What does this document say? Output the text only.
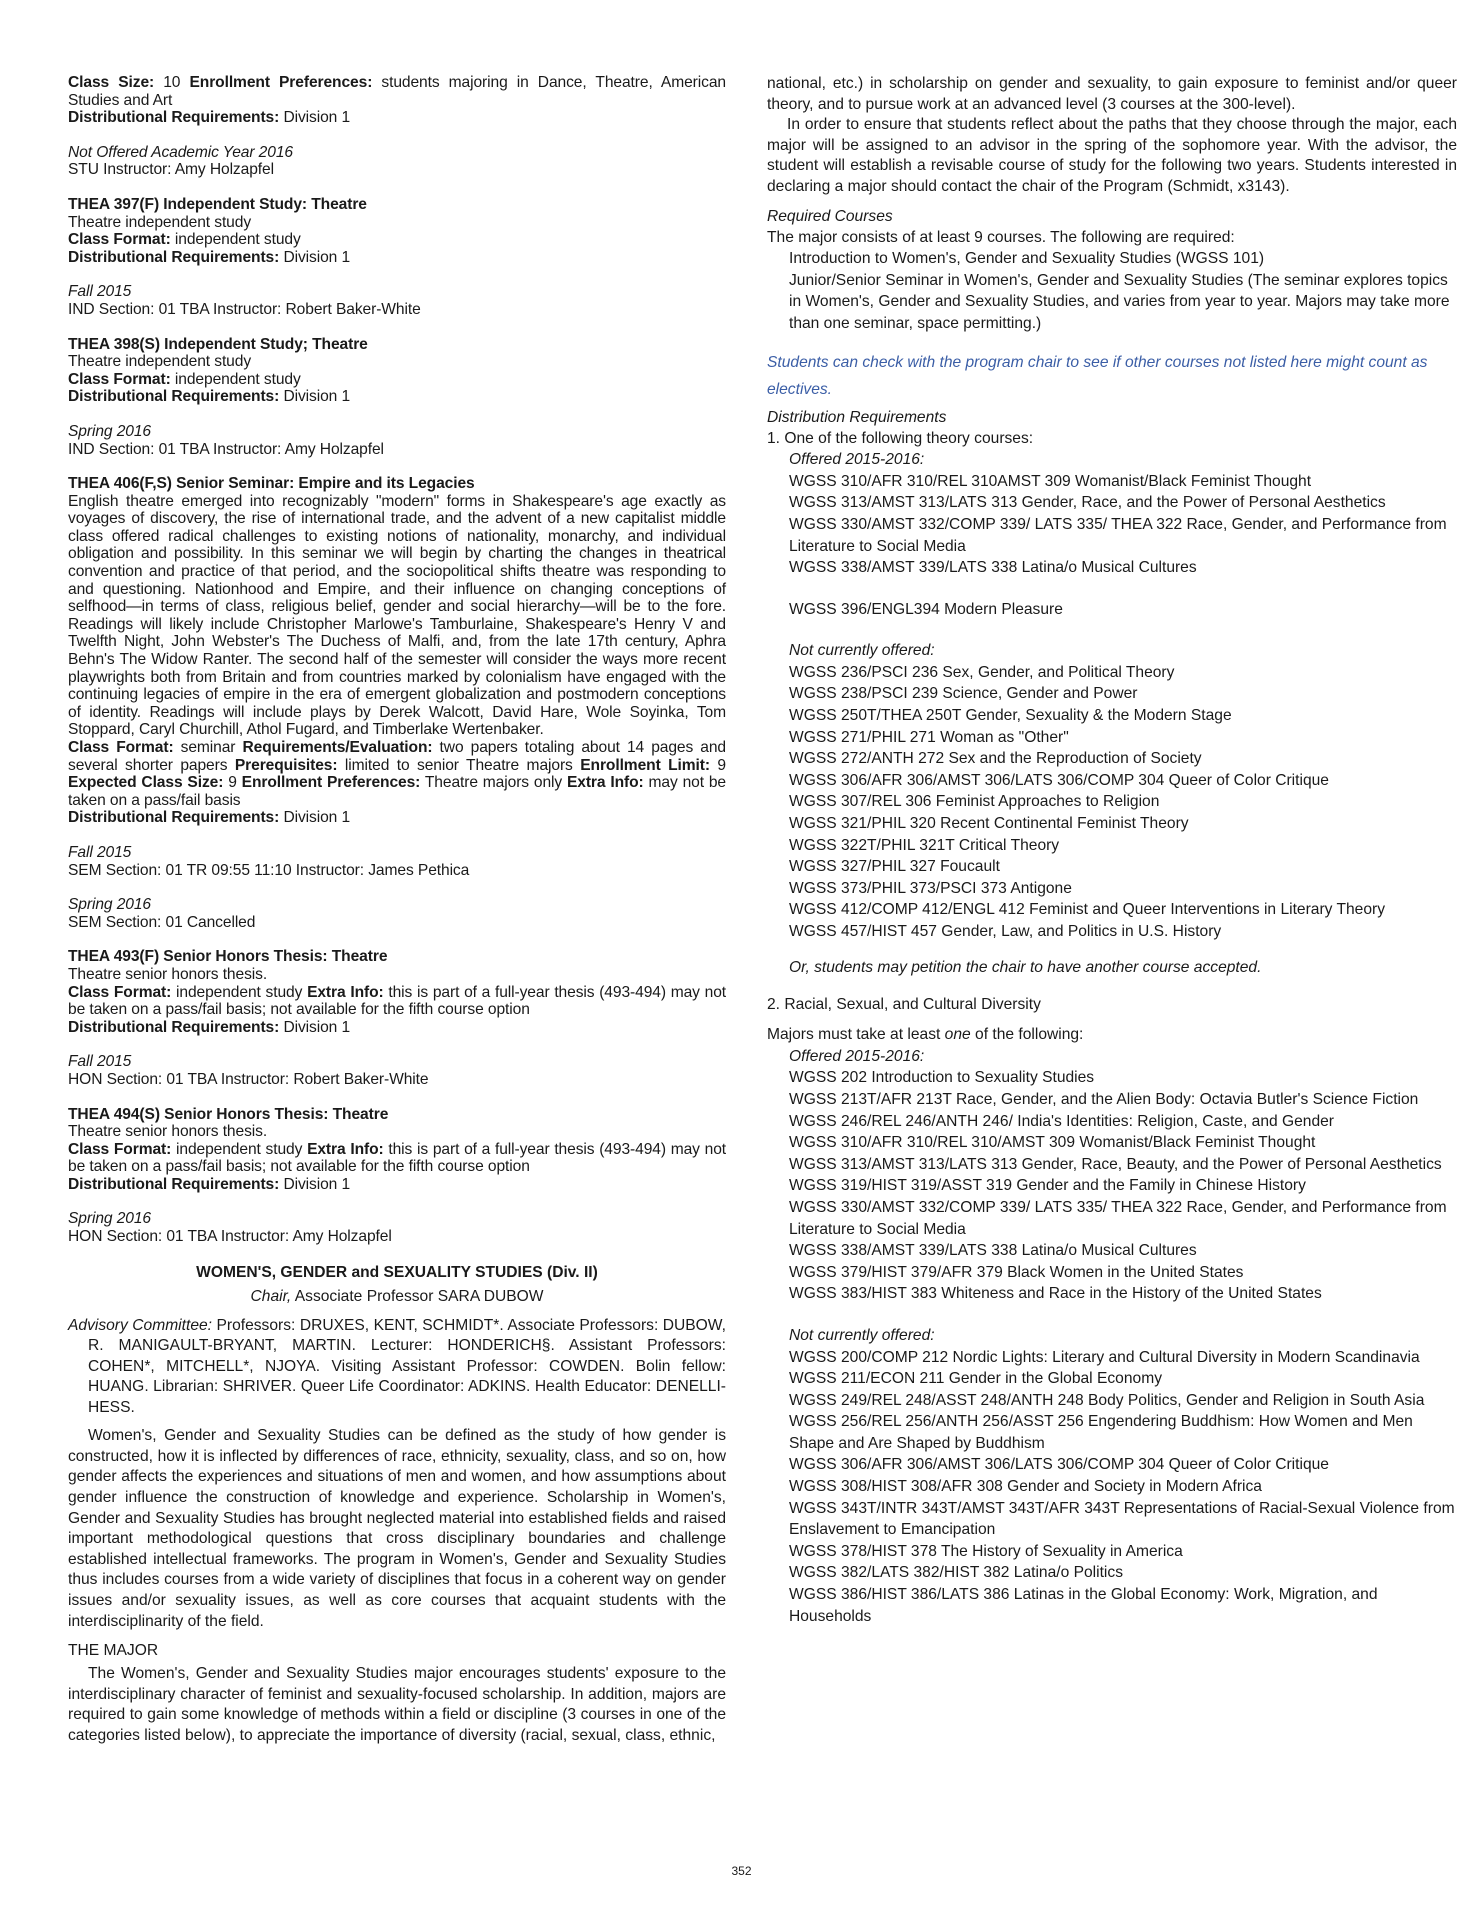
Class Size: 10 Enrollment Preferences: students majoring in Dance, Theatre, American Studies and Art

Distributional Requirements: Division 1

Not Offered Academic Year 2016

STU Instructor: Amy Holzapfel

THEA 397(F) Independent Study: Theatre

Theatre independent study

Class Format: independent study

Distributional Requirements: Division 1

Fall 2015

IND Section: 01 TBA Instructor: Robert Baker-White

THEA 398(S) Independent Study; Theatre

Theatre independent study

Class Format: independent study

Distributional Requirements: Division 1

Spring 2016

IND Section: 01 TBA Instructor: Amy Holzapfel

THEA 406(F,S) Senior Seminar: Empire and its Legacies

English theatre emerged into recognizably "modern" forms in Shakespeare's age exactly as voyages of discovery, the rise of international trade, and the advent of a new capitalist middle class offered radical challenges to existing notions of nationality, monarchy, and individual obligation and possibility. In this seminar we will begin by charting the changes in theatrical convention and practice of that period, and the sociopolitical shifts theatre was responding to and questioning. Nationhood and Empire, and their influence on changing conceptions of selfhood—in terms of class, religious belief, gender and social hierarchy—will be to the fore. Readings will likely include Christopher Marlowe's Tamburlaine, Shakespeare's Henry V and Twelfth Night, John Webster's The Duchess of Malfi, and, from the late 17th century, Aphra Behn's The Widow Ranter. The second half of the semester will consider the ways more recent playwrights both from Britain and from countries marked by colonialism have engaged with the continuing legacies of empire in the era of emergent globalization and postmodern conceptions of identity. Readings will include plays by Derek Walcott, David Hare, Wole Soyinka, Tom Stoppard, Caryl Churchill, Athol Fugard, and Timberlake Wertenbaker.

Class Format: seminar Requirements/Evaluation: two papers totaling about 14 pages and several shorter papers Prerequisites: limited to senior Theatre majors Enrollment Limit: 9 Expected Class Size: 9 Enrollment Preferences: Theatre majors only Extra Info: may not be taken on a pass/fail basis

Distributional Requirements: Division 1

Fall 2015

SEM Section: 01 TR 09:55 11:10 Instructor: James Pethica

Spring 2016

SEM Section: 01 Cancelled

THEA 493(F) Senior Honors Thesis: Theatre

Theatre senior honors thesis.

Class Format: independent study Extra Info: this is part of a full-year thesis (493-494) may not be taken on a pass/fail basis; not available for the fifth course option

Distributional Requirements: Division 1

Fall 2015

HON Section: 01 TBA Instructor: Robert Baker-White

THEA 494(S) Senior Honors Thesis: Theatre

Theatre senior honors thesis.

Class Format: independent study Extra Info: this is part of a full-year thesis (493-494) may not be taken on a pass/fail basis; not available for the fifth course option

Distributional Requirements: Division 1

Spring 2016

HON Section: 01 TBA Instructor: Amy Holzapfel

WOMEN'S, GENDER and SEXUALITY STUDIES (Div. II)
Chair, Associate Professor SARA DUBOW
Advisory Committee: Professors: DRUXES, KENT, SCHMIDT*. Associate Professors: DUBOW, R. MANIGAULT-BRYANT, MARTIN. Lecturer: HONDERICH§. Assistant Professors: COHEN*, MITCHELL*, NJOYA. Visiting Assistant Professor: COWDEN. Bolin fellow: HUANG. Librarian: SHRIVER. Queer Life Coordinator: ADKINS. Health Educator: DENELLI-HESS.

Women's, Gender and Sexuality Studies can be defined as the study of how gender is constructed, how it is inflected by differences of race, ethnicity, sexuality, class, and so on, how gender affects the experiences and situations of men and women, and how assumptions about gender influence the construction of knowledge and experience. Scholarship in Women's, Gender and Sexuality Studies has brought neglected material into established fields and raised important methodological questions that cross disciplinary boundaries and challenge established intellectual frameworks. The program in Women's, Gender and Sexuality Studies thus includes courses from a wide variety of disciplines that focus in a coherent way on gender issues and/or sexuality issues, as well as core courses that acquaint students with the interdisciplinarity of the field.

THE MAJOR

The Women's, Gender and Sexuality Studies major encourages students' exposure to the interdisciplinary character of feminist and sexuality-focused scholarship. In addition, majors are required to gain some knowledge of methods within a field or discipline (3 courses in one of the categories listed below), to appreciate the importance of diversity (racial, sexual, class, ethnic,

national, etc.) in scholarship on gender and sexuality, to gain exposure to feminist and/or queer theory, and to pursue work at an advanced level (3 courses at the 300-level).

In order to ensure that students reflect about the paths that they choose through the major, each major will be assigned to an advisor in the spring of the sophomore year. With the advisor, the student will establish a revisable course of study for the following two years. Students interested in declaring a major should contact the chair of the Program (Schmidt, x3143).

Required Courses

The major consists of at least 9 courses. The following are required:

Introduction to Women's, Gender and Sexuality Studies (WGSS 101)
Junior/Senior Seminar in Women's, Gender and Sexuality Studies (The seminar explores topics in Women's, Gender and Sexuality Studies, and varies from year to year. Majors may take more than one seminar, space permitting.)
Students can check with the program chair to see if other courses not listed here might count as electives.
Distribution Requirements

1. One of the following theory courses:

Offered 2015-2016:
WGSS 310/AFR 310/REL 310AMST 309 Womanist/Black Feminist Thought
WGSS 313/AMST 313/LATS 313 Gender, Race, and the Power of Personal Aesthetics
WGSS 330/AMST 332/COMP 339/ LATS 335/ THEA 322 Race, Gender, and Performance from Literature to Social Media
WGSS 338/AMST 339/LATS 338 Latina/o Musical Cultures
WGSS 396/ENGL394 Modern Pleasure
Not currently offered:
WGSS 236/PSCI 236 Sex, Gender, and Political Theory
WGSS 238/PSCI 239 Science, Gender and Power
WGSS 250T/THEA 250T Gender, Sexuality & the Modern Stage
WGSS 271/PHIL 271 Woman as "Other"
WGSS 272/ANTH 272 Sex and the Reproduction of Society
WGSS 306/AFR 306/AMST 306/LATS 306/COMP 304 Queer of Color Critique
WGSS 307/REL 306 Feminist Approaches to Religion
WGSS 321/PHIL 320 Recent Continental Feminist Theory
WGSS 322T/PHIL 321T Critical Theory
WGSS 327/PHIL 327 Foucault
WGSS 373/PHIL 373/PSCI 373 Antigone
WGSS 412/COMP 412/ENGL 412 Feminist and Queer Interventions in Literary Theory
WGSS 457/HIST 457 Gender, Law, and Politics in U.S. History
Or, students may petition the chair to have another course accepted.

2. Racial, Sexual, and Cultural Diversity

Majors must take at least one of the following:

Offered 2015-2016:
WGSS 202 Introduction to Sexuality Studies
WGSS 213T/AFR 213T Race, Gender, and the Alien Body: Octavia Butler's Science Fiction
WGSS 246/REL 246/ANTH 246/ India's Identities: Religion, Caste, and Gender
WGSS 310/AFR 310/REL 310/AMST 309 Womanist/Black Feminist Thought
WGSS 313/AMST 313/LATS 313 Gender, Race, Beauty, and the Power of Personal Aesthetics
WGSS 319/HIST 319/ASST 319 Gender and the Family in Chinese History
WGSS 330/AMST 332/COMP 339/ LATS 335/ THEA 322 Race, Gender, and Performance from Literature to Social Media
WGSS 338/AMST 339/LATS 338 Latina/o Musical Cultures
WGSS 379/HIST 379/AFR 379 Black Women in the United States
WGSS 383/HIST 383 Whiteness and Race in the History of the United States
Not currently offered:
WGSS 200/COMP 212 Nordic Lights: Literary and Cultural Diversity in Modern Scandinavia
WGSS 211/ECON 211 Gender in the Global Economy
WGSS 249/REL 248/ASST 248/ANTH 248 Body Politics, Gender and Religion in South Asia
WGSS 256/REL 256/ANTH 256/ASST 256 Engendering Buddhism: How Women and Men Shape and Are Shaped by Buddhism
WGSS 306/AFR 306/AMST 306/LATS 306/COMP 304 Queer of Color Critique
WGSS 308/HIST 308/AFR 308 Gender and Society in Modern Africa
WGSS 343T/INTR 343T/AMST 343T/AFR 343T Representations of Racial-Sexual Violence from Enslavement to Emancipation
WGSS 378/HIST 378 The History of Sexuality in America
WGSS 382/LATS 382/HIST 382 Latina/o Politics
WGSS 386/HIST 386/LATS 386 Latinas in the Global Economy: Work, Migration, and Households
352
